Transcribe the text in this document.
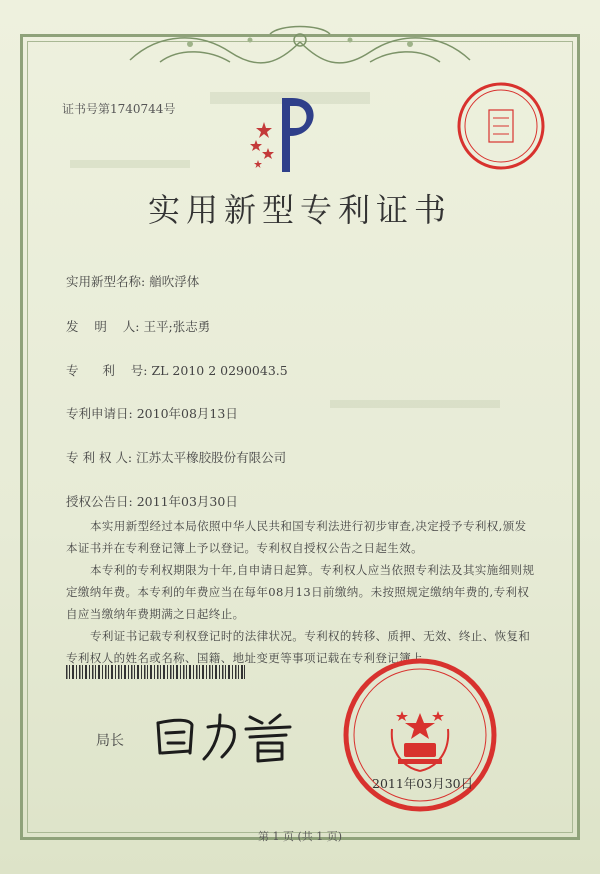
证书号第1740744号
实用新型专利证书
实用新型名称: 艏吹浮体
发    明    人: 王平;张志勇
专      利    号: ZL 2010 2 0290043.5
专利申请日: 2010年08月13日
专 利 权 人: 江苏太平橡胶股份有限公司
授权公告日: 2011年03月30日
本实用新型经过本局依照中华人民共和国专利法进行初步审查,决定授予专利权,颁发本证书并在专利登记簿上予以登记。专利权自授权公告之日起生效。
本专利的专利权期限为十年,自申请日起算。专利权人应当依照专利法及其实施细则规定缴纳年费。本专利的年费应当在每年08月13日前缴纳。未按照规定缴纳年费的,专利权自应当缴纳年费期满之日起终止。
专利证书记载专利权登记时的法律状况。专利权的转移、质押、无效、终止、恢复和专利权人的姓名或名称、国籍、地址变更等事项记载在专利登记簿上。
局长
2011年03月30日
第 1 页 (共 1 页)
